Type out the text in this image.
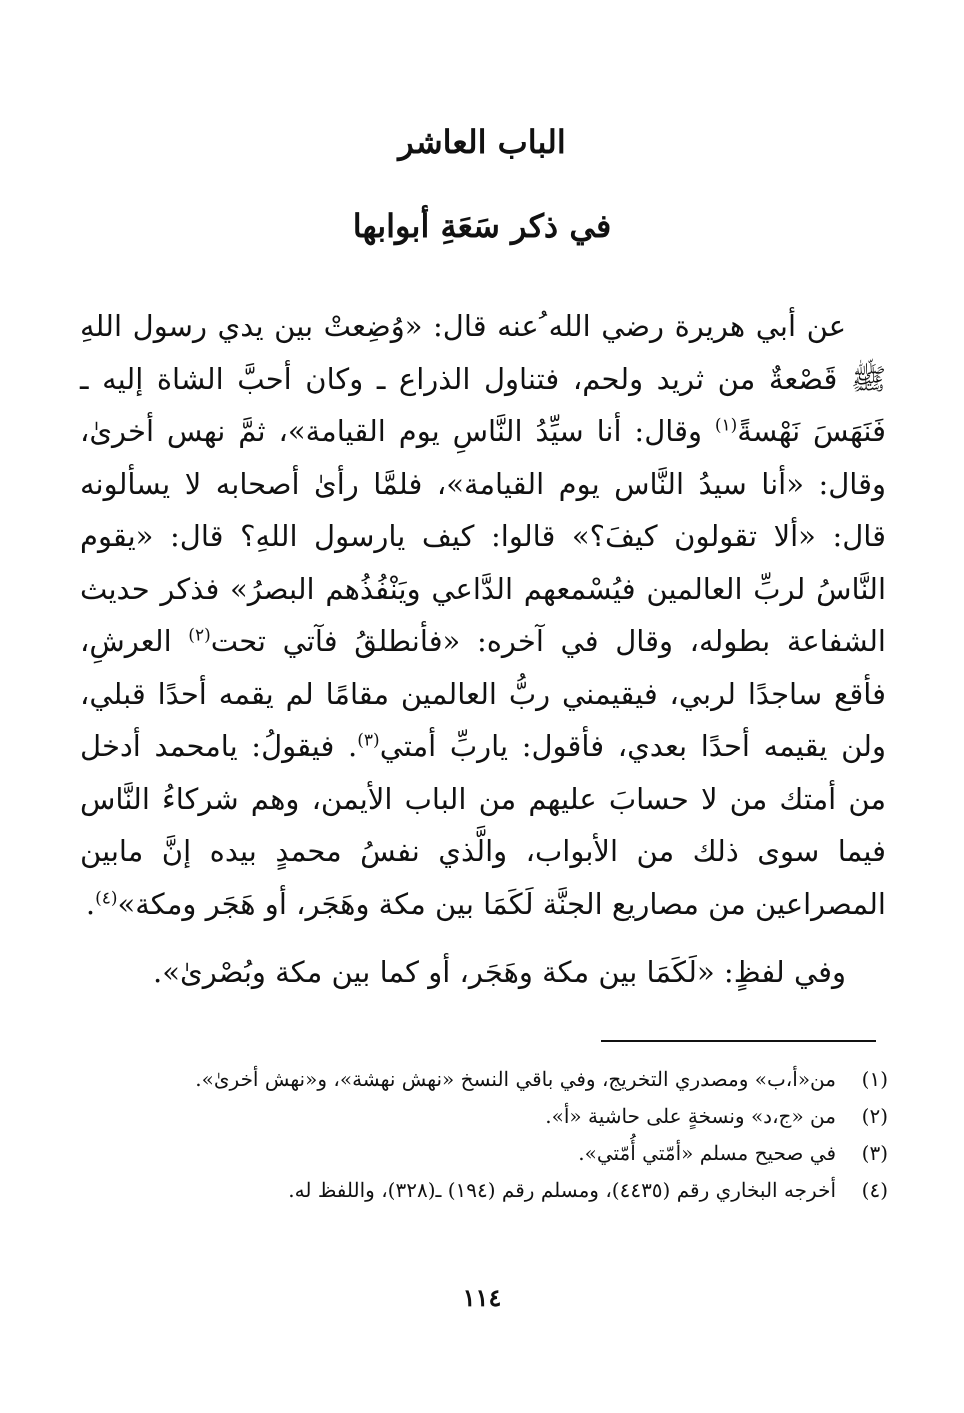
الباب العاشر
في ذكر سَعَةِ أبوابها

عن أبي هريرة رضي الله ُعنه قال: «وُضِعتْ بين يدي رسول اللهِ ﷺ قَصْعةٌ من ثريد ولحم، فتناول الذراع ـ وكان أحبَّ الشاة إليه ـ فَنَهَسَ نَهْسةً$^{(١)}$ وقال: أنا سيِّدُ النَّاسِ يوم القيامة»، ثمَّ نهس أخرىٰ، وقال: «أنا سيدُ النَّاس يوم القيامة»، فلمَّا رأىٰ أصحابه لا يسألونه قال: «ألا تقولون كيفَ؟» قالوا: كيف يارسول اللهِ؟ قال: «يقوم النَّاسُ لربِّ العالمين فيُسْمعهم الدَّاعي ويَنْفُذُهم البصرُ» فذكر حديث الشفاعة بطوله، وقال في آخره: «فأنطلقُ فآتي تحت$^{(٢)}$ العرشِ، فأقع ساجدًا لربي، فيقيمني ربُّ العالمين مقامًا لم يقمه أحدًا قبلي، ولن يقيمه أحدًا بعدي، فأقول: ياربِّ أمتي$^{(٣)}$. فيقولُ: يامحمد أدخل من أمتك من لا حسابَ عليهم من الباب الأيمن، وهم شركاءُ النَّاس فيما سوى ذلك من الأبواب، والَّذي نفسُ محمدٍ بيده إنَّ مابين المصراعين من مصاريع الجنَّة لَكَمَا بين مكة وهَجَر، أو هَجَر ومكة»$^{(٤)}$.

وفي لفظٍ: «لَكَمَا بين مكة وهَجَر، أو كما بين مكة وبُصْرىٰ».

(١)
من«أ،ب» ومصدري التخريج، وفي باقي النسخ «نهش نهشة»، و«نهش أخرىٰ».
(٢)
من «ج،د» ونسخةٍ على حاشية «أ».
(٣)
في صحيح مسلم «أمّتي أُمّتي».
(٤)
أخرجه البخاري رقم (٤٤٣٥)، ومسلم رقم (١٩٤) ـ(٣٢٨)، واللفظ له.
١١٤
